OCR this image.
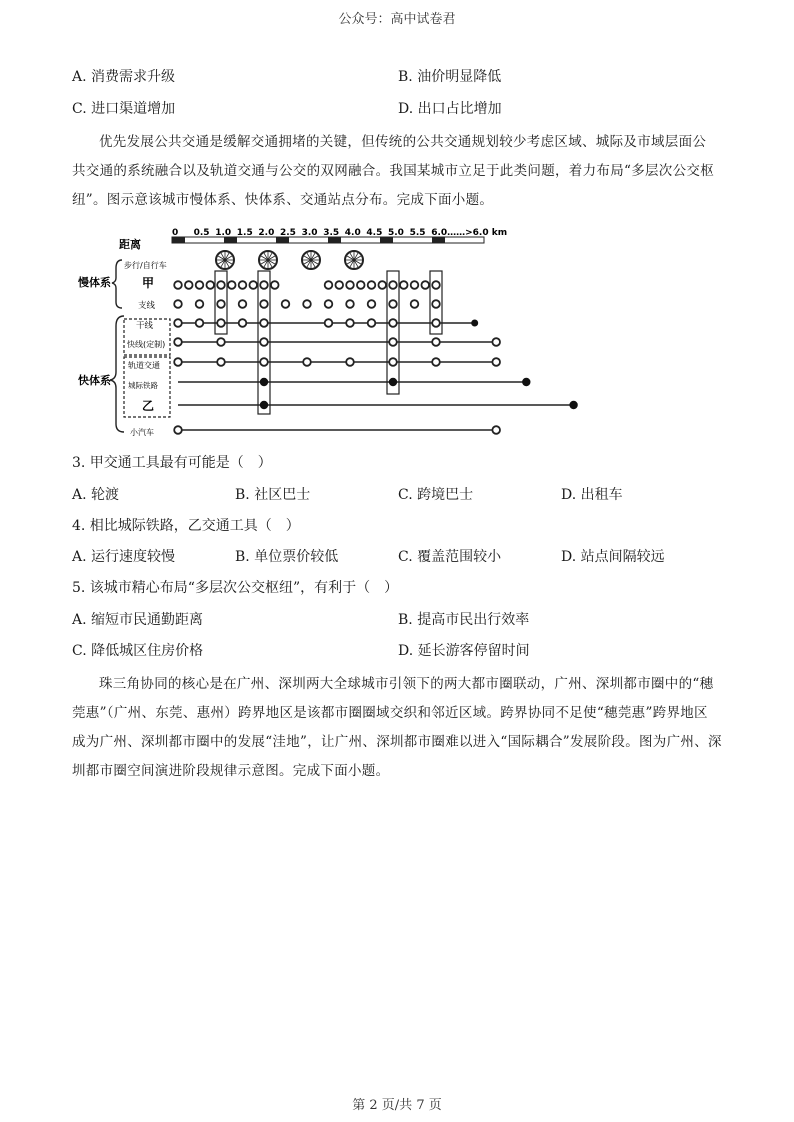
公众号：高中试卷君
A. 消费需求升级	B. 油价明显降低
C. 进口渠道增加	D. 出口占比增加
优先发展公共交通是缓解交通拥堵的关键，但传统的公共交通规划较少考虑区域、城际及市域层面公
共交通的系统融合以及轨道交通与公交的双网融合。我国某城市立足于此类问题，着力布局“多层次公交枢
纽”。图示意该城市慢体系、快体系、交通站点分布。完成下面小题。
距离
0 0.5 1.0 1.5 2.0 2.5 3.0 3.5 4.0 4.5 5.0 5.5 6.0……>6.0 km
慢体系
快体系
步行/自行车
甲
支线
干线
快线(定制)
轨道交通
城际铁路
乙
小汽车
3. 甲交通工具最有可能是（　）
A. 轮渡	B. 社区巴士	C. 跨境巴士	D. 出租车
4. 相比城际铁路，乙交通工具（　）
A. 运行速度较慢	B. 单位票价较低	C. 覆盖范围较小	D. 站点间隔较远
5. 该城市精心布局“多层次公交枢纽”，有利于（　）
A. 缩短市民通勤距离	B. 提高市民出行效率
C. 降低城区住房价格	D. 延长游客停留时间
珠三角协同的核心是在广州、深圳两大全球城市引领下的两大都市圈联动，广州、深圳都市圈中的“穗
莞惠”（广州、东莞、惠州）跨界地区是该都市圈圈域交织和邻近区域。跨界协同不足使“穗莞惠”跨界地区
成为广州、深圳都市圈中的发展“洼地”，让广州、深圳都市圈难以进入“国际耦合”发展阶段。图为广州、深
圳都市圈空间演进阶段规律示意图。完成下面小题。
第 2 页/共 7 页
